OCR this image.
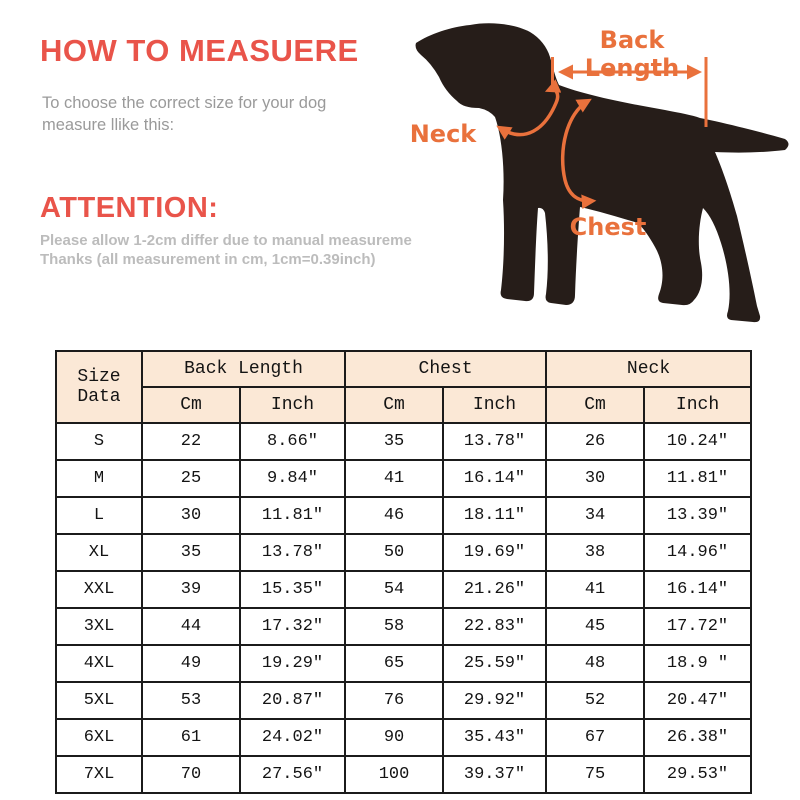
HOW TO MEASUERE
To choose the correct size for your dog
measure llike this:
ATTENTION:
Please allow 1-2cm differ due to manual measureme
Thanks (all measurement in cm, 1cm=0.39inch)
Back Length
Neck
Chest
Size Data	Back Length		Chest		Neck	
	Cm	Inch	Cm	Inch	Cm	Inch
S	22	8.66″	35	13.78″	26	10.24″
M	25	9.84″	41	16.14″	30	11.81″
L	30	11.81″	46	18.11″	34	13.39″
XL	35	13.78″	50	19.69″	38	14.96″
XXL	39	15.35″	54	21.26″	41	16.14″
3XL	44	17.32″	58	22.83″	45	17.72″
4XL	49	19.29″	65	25.59″	48	18.9 ″
5XL	53	20.87″	76	29.92″	52	20.47″
6XL	61	24.02″	90	35.43″	67	26.38″
7XL	70	27.56″	100	39.37″	75	29.53″
